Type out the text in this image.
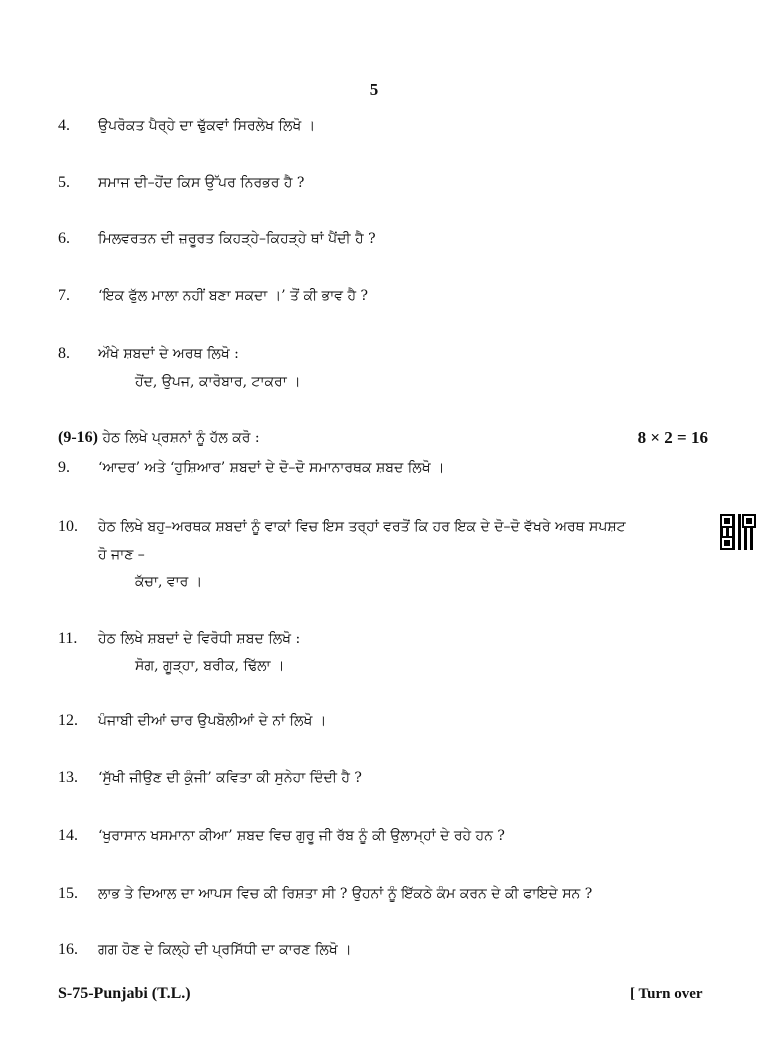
5
4.	ਉਪਰੋਕਤ ਪੈਰ੍ਹੇ ਦਾ ਢੁੱਕਵਾਂ ਸਿਰਲੇਖ ਲਿਖੋ ।
5.	ਸਮਾਜ ਦੀ–ਹੋਂਦ ਕਿਸ ਉੱਪਰ ਨਿਰਭਰ ਹੈ ?
6.	ਮਿਲਵਰਤਨ ਦੀ ਜ਼ਰੂਰਤ ਕਿਹੜ੍ਹੇ–ਕਿਹੜ੍ਹੇ ਥਾਂ ਪੈਂਦੀ ਹੈ ?
7.	‘ਇਕ ਫੁੱਲ ਮਾਲਾ ਨਹੀਂ ਬਣਾ ਸਕਦਾ ।’ ਤੋਂ ਕੀ ਭਾਵ ਹੈ ?
8.	ਔਖੇ ਸ਼ਬਦਾਂ ਦੇ ਅਰਥ ਲਿਖੋ :
ਹੋਂਦ, ਉਪਜ, ਕਾਰੋਬਾਰ, ਟਾਕਰਾ ।
(9-16) ਹੇਠ ਲਿਖੇ ਪ੍ਰਸ਼ਨਾਂ ਨੂੰ ਹੱਲ ਕਰੋ :	8 × 2 = 16
9.	‘ਆਦਰ’ ਅਤੇ ‘ਹੁਸ਼ਿਆਰ’ ਸ਼ਬਦਾਂ ਦੇ ਦੋ–ਦੋ ਸਮਾਨਾਰਥਕ ਸ਼ਬਦ ਲਿਖੋ ।
10.	ਹੇਠ ਲਿਖੇ ਬਹੁ–ਅਰਥਕ ਸ਼ਬਦਾਂ ਨੂੰ ਵਾਕਾਂ ਵਿਚ ਇਸ ਤਰ੍ਹਾਂ ਵਰਤੋਂ ਕਿ ਹਰ ਇਕ ਦੇ ਦੋ–ਦੋ ਵੱਖਰੇ ਅਰਥ ਸਪਸ਼ਟ
ਹੋ ਜਾਣ –
ਕੱਚਾ, ਵਾਰ ।
11.	ਹੇਠ ਲਿਖੇ ਸ਼ਬਦਾਂ ਦੇ ਵਿਰੋਧੀ ਸ਼ਬਦ ਲਿਖੋ :
ਸੋਗ, ਗੂੜ੍ਹਾ, ਬਰੀਕ, ਢਿੱਲਾ ।
12.	ਪੰਜਾਬੀ ਦੀਆਂ ਚਾਰ ਉਪਬੋਲੀਆਂ ਦੇ ਨਾਂ ਲਿਖੋ ।
13.	‘ਸੁੱਖੀ ਜੀਉਣ ਦੀ ਕੁੰਜੀ’ ਕਵਿਤਾ ਕੀ ਸੁਨੇਹਾ ਦਿੰਦੀ ਹੈ ?
14.	‘ਖੁਰਾਸਾਨ ਖਸਮਾਨਾ ਕੀਆ’ ਸ਼ਬਦ ਵਿਚ ਗੁਰੂ ਜੀ ਰੱਬ ਨੂੰ ਕੀ ਉਲਾਮ੍ਹਾਂ ਦੇ ਰਹੇ ਹਨ ?
15.	ਲਾਭ ਤੇ ਦਿਆਲ ਦਾ ਆਪਸ ਵਿਚ ਕੀ ਰਿਸ਼ਤਾ ਸੀ ? ਉਹਨਾਂ ਨੂੰ ਇੱਕਠੇ ਕੰਮ ਕਰਨ ਦੇ ਕੀ ਫਾਇਦੇ ਸਨ ?
16.	ਗਗ ਹੋਣ ਦੇ ਕਿਲ੍ਹੇ ਦੀ ਪ੍ਰਸਿੱਧੀ ਦਾ ਕਾਰਣ ਲਿਖੋ ।
S-75-Punjabi (T.L.)	[ Turn over
